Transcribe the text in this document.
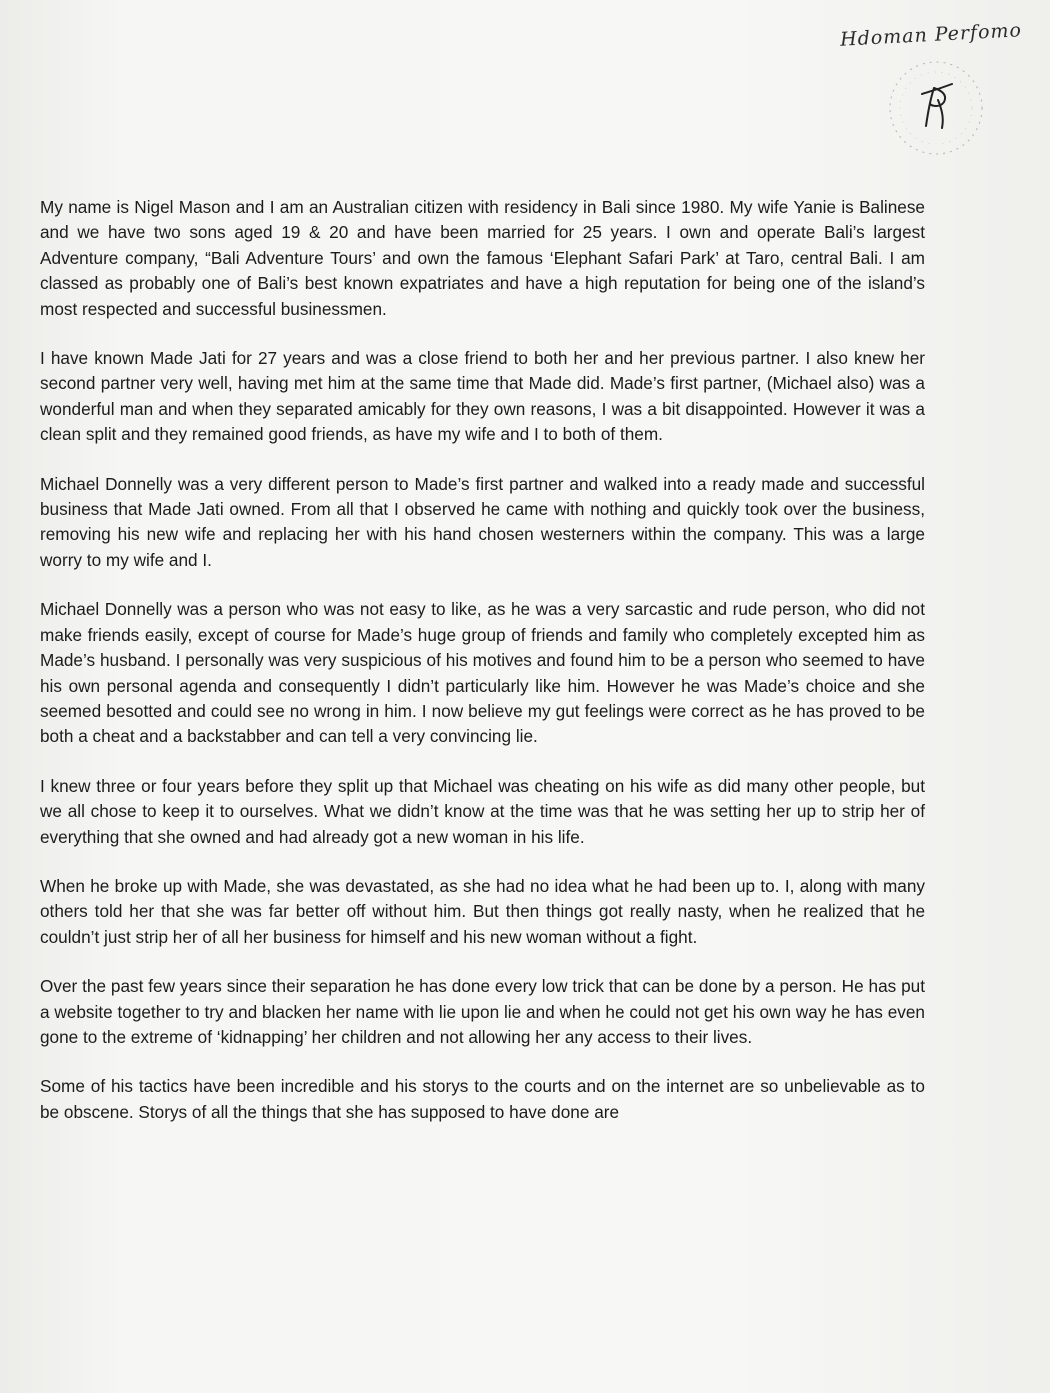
Hdoman Perfomo

My name is Nigel Mason and I am an Australian citizen with residency in Bali since 1980. My wife Yanie is Balinese and we have two sons aged 19 & 20 and have been married for 25 years. I own and operate Bali’s largest Adventure company, “Bali Adventure Tours’ and own the famous ‘Elephant Safari Park’ at Taro, central Bali. I am classed as probably one of Bali’s best known expatriates and have a high reputation for being one of the island’s most respected and successful businessmen.

I have known Made Jati for 27 years and was a close friend to both her and her previous partner. I also knew her second partner very well, having met him at the same time that Made did. Made’s first partner, (Michael also) was a wonderful man and when they separated amicably for they own reasons, I was a bit disappointed. However it was a clean split and they remained good friends, as have my wife and I to both of them.

Michael Donnelly was a very different person to Made’s first partner and walked into a ready made and successful business that Made Jati owned. From all that I observed he came with nothing and quickly took over the business, removing his new wife and replacing her with his hand chosen westerners within the company. This was a large worry to my wife and I.

Michael Donnelly was a person who was not easy to like, as he was a very sarcastic and rude person, who did not make friends easily, except of course for Made’s huge group of friends and family who completely excepted him as Made’s husband. I personally was very suspicious of his motives and found him to be a person who seemed to have his own personal agenda and consequently I didn’t particularly like him. However he was Made’s choice and she seemed besotted and could see no wrong in him. I now believe my gut feelings were correct as he has proved to be both a cheat and a backstabber and can tell a very convincing lie.

I knew three or four years before they split up that Michael was cheating on his wife as did many other people, but we all chose to keep it to ourselves. What we didn’t know at the time was that he was setting her up to strip her of everything that she owned and had already got a new woman in his life.

When he broke up with Made, she was devastated, as she had no idea what he had been up to. I, along with many others told her that she was far better off without him. But then things got really nasty, when he realized that he couldn’t just strip her of all her business for himself and his new woman without a fight.

Over the past few years since their separation he has done every low trick that can be done by a person. He has put a website together to try and blacken her name with lie upon lie and when he could not get his own way he has even gone to the extreme of ‘kidnapping’ her children and not allowing her any access to their lives.

Some of his tactics have been incredible and his storys to the courts and on the internet are so unbelievable as to be obscene. Storys of all the things that she has supposed to have done are
